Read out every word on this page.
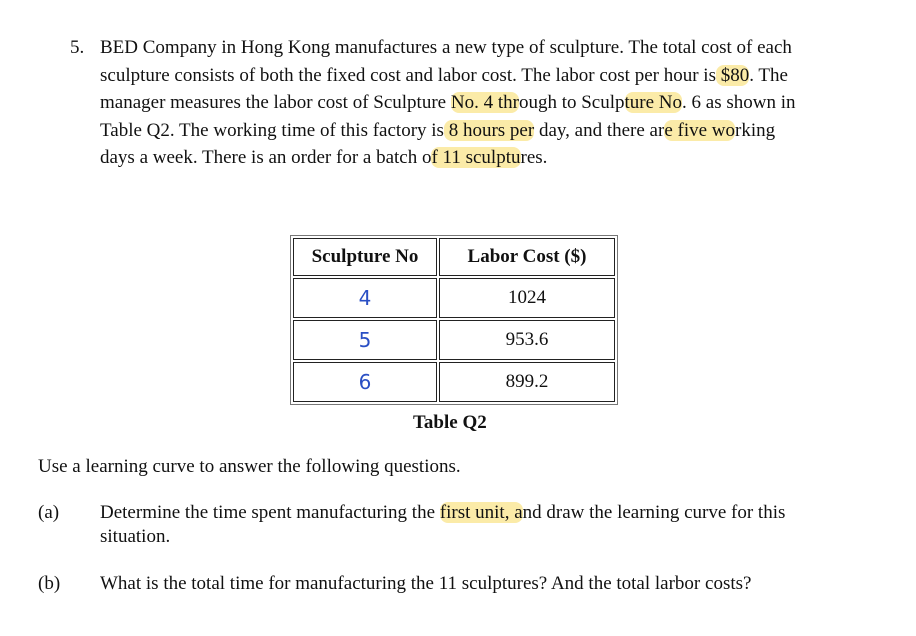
5.
Sculpture No	Labor Cost ($)
4	1024
5	953.6
6	899.2
Table Q2
Use a learning curve to answer the following questions.
(a)
(b)
BED Company in Hong Kong manufactures a new type of sculpture. The total cost of each
sculpture consists of both the fixed cost and labor cost. The labor cost per hour is $80. The
manager measures the labor cost of Sculpture No. 4 through to Sculpture No. 6 as shown in
Table Q2. The working time of this factory is 8 hours per day, and there are five working
days a week. There is an order for a batch of 11 sculptures.
Determine the time spent manufacturing the first unit, and draw the learning curve for this
situation.
What is the total time for manufacturing the 11 sculptures? And the total larbor costs?
